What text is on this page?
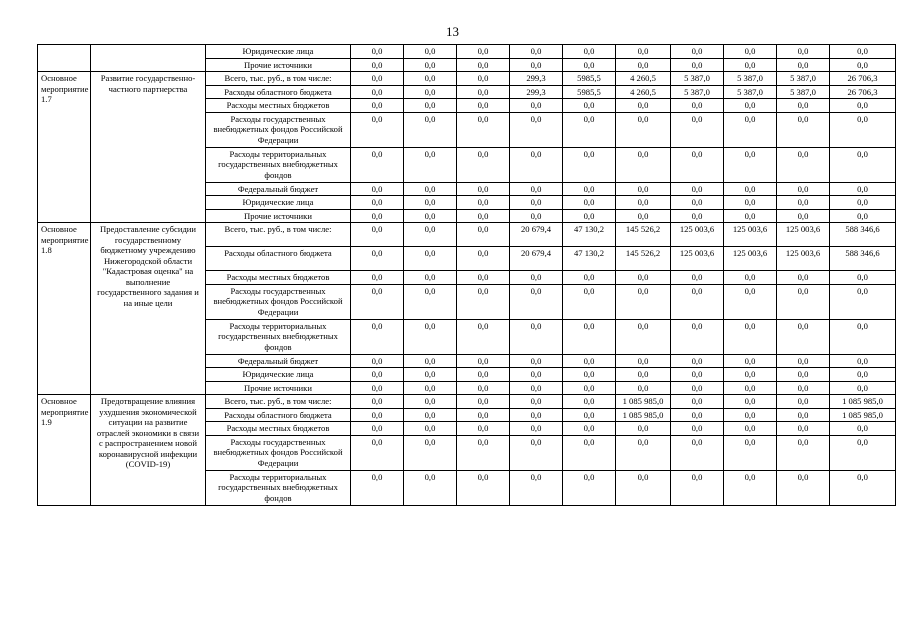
13
		Юридические лица	0,0	0,0	0,0	0,0	0,0	0,0	0,0	0,0	0,0	0,0
		Прочие источники	0,0	0,0	0,0	0,0	0,0	0,0	0,0	0,0	0,0	0,0
Основное мероприятие 1.7	Развитие государственно-частного партнерства	Всего, тыс. руб., в том числе:	0,0	0,0	0,0	299,3	5985,5	4 260,5	5 387,0	5 387,0	5 387,0	26 706,3
		Расходы областного бюджета	0,0	0,0	0,0	299,3	5985,5	4 260,5	5 387,0	5 387,0	5 387,0	26 706,3
		Расходы местных бюджетов	0,0	0,0	0,0	0,0	0,0	0,0	0,0	0,0	0,0	0,0
		Расходы государственных внебюджетных фондов Российской Федерации	0,0	0,0	0,0	0,0	0,0	0,0	0,0	0,0	0,0	0,0
		Расходы территориальных государственных внебюджетных фондов	0,0	0,0	0,0	0,0	0,0	0,0	0,0	0,0	0,0	0,0
		Федеральный бюджет	0,0	0,0	0,0	0,0	0,0	0,0	0,0	0,0	0,0	0,0
		Юридические лица	0,0	0,0	0,0	0,0	0,0	0,0	0,0	0,0	0,0	0,0
		Прочие источники	0,0	0,0	0,0	0,0	0,0	0,0	0,0	0,0	0,0	0,0
Основное мероприятие 1.8	Предоставление субсидии государственному бюджетному учреждению Нижегородской области "Кадастровая оценка" на выполнение государственного задания и на иные цели	Всего, тыс. руб., в том числе:	0,0	0,0	0,0	20 679,4	47 130,2	145 526,2	125 003,6	125 003,6	125 003,6	588 346,6
		Расходы областного бюджета	0,0	0,0	0,0	20 679,4	47 130,2	145 526,2	125 003,6	125 003,6	125 003,6	588 346,6
		Расходы местных бюджетов	0,0	0,0	0,0	0,0	0,0	0,0	0,0	0,0	0,0	0,0
		Расходы государственных внебюджетных фондов Российской Федерации	0,0	0,0	0,0	0,0	0,0	0,0	0,0	0,0	0,0	0,0
		Расходы территориальных государственных внебюджетных фондов	0,0	0,0	0,0	0,0	0,0	0,0	0,0	0,0	0,0	0,0
		Федеральный бюджет	0,0	0,0	0,0	0,0	0,0	0,0	0,0	0,0	0,0	0,0
		Юридические лица	0,0	0,0	0,0	0,0	0,0	0,0	0,0	0,0	0,0	0,0
		Прочие источники	0,0	0,0	0,0	0,0	0,0	0,0	0,0	0,0	0,0	0,0
Основное мероприятие 1.9	Предотвращение влияния ухудшения экономической ситуации на развитие отраслей экономики в связи с распространением новой коронавирусной инфекции (COVID-19)	Всего, тыс. руб., в том числе:	0,0	0,0	0,0	0,0	0,0	1 085 985,0	0,0	0,0	0,0	1 085 985,0
		Расходы областного бюджета	0,0	0,0	0,0	0,0	0,0	1 085 985,0	0,0	0,0	0,0	1 085 985,0
		Расходы местных бюджетов	0,0	0,0	0,0	0,0	0,0	0,0	0,0	0,0	0,0	0,0
		Расходы государственных внебюджетных фондов Российской Федерации	0,0	0,0	0,0	0,0	0,0	0,0	0,0	0,0	0,0	0,0
		Расходы территориальных государственных внебюджетных фондов	0,0	0,0	0,0	0,0	0,0	0,0	0,0	0,0	0,0	0,0
